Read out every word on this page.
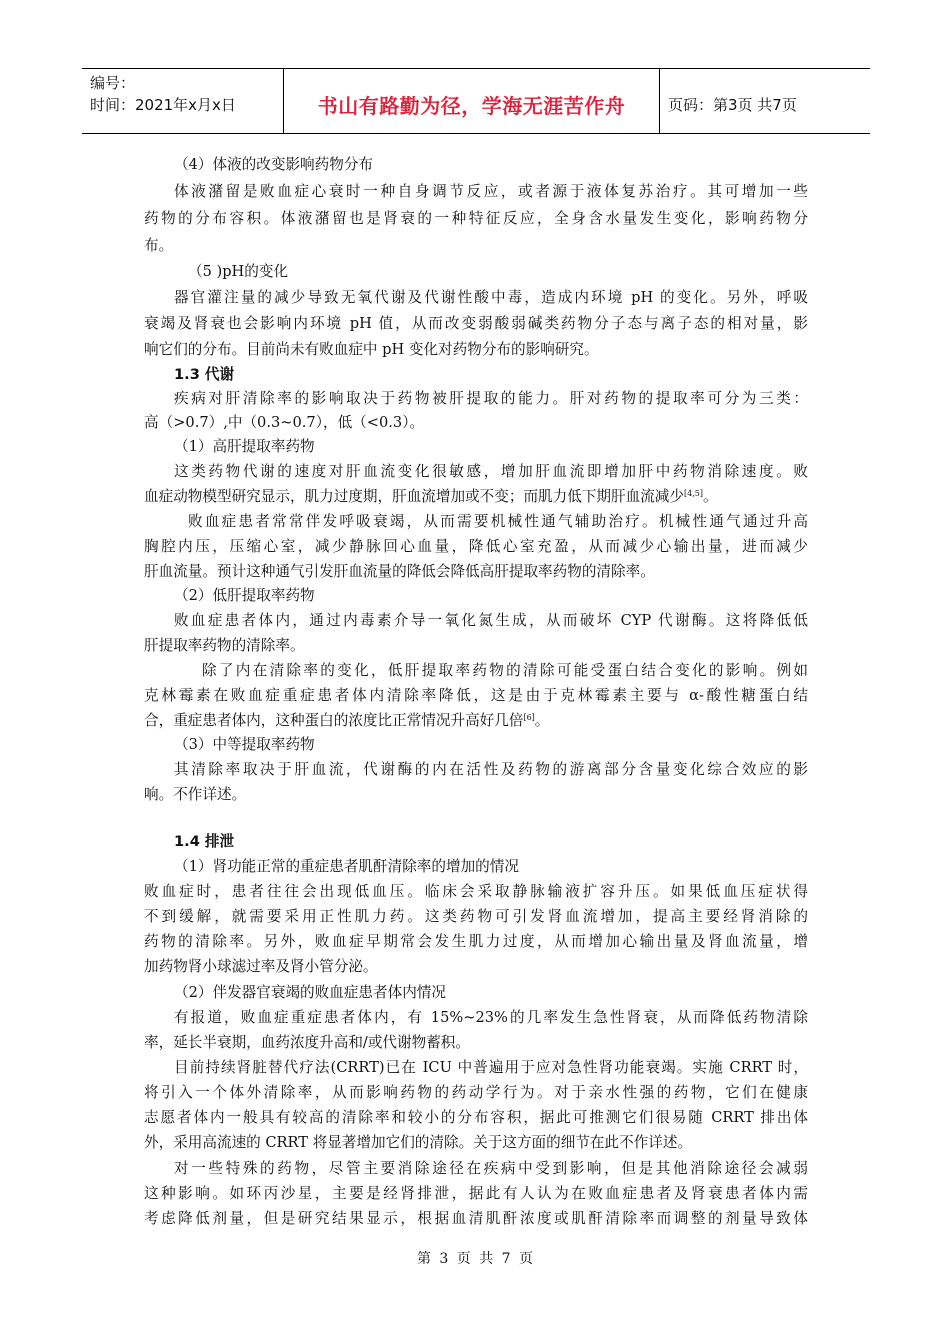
编号：
时间：2021年x月x日	书山有路勤为径，学海无涯苦作舟	页码：第3页 共7页
（4）体液的改变影响药物分布
体液潴留是败血症心衰时一种自身调节反应，或者源于液体复苏治疗。其可增加一些
药物的分布容积。体液潴留也是肾衰的一种特征反应，全身含水量发生变化，影响药物分
布。
（5 )pH的变化
器官灌注量的减少导致无氧代谢及代谢性酸中毒，造成内环境 pH 的变化。另外，呼吸
衰竭及肾衰也会影响内环境 pH 值，从而改变弱酸弱碱类药物分子态与离子态的相对量，影
响它们的分布。目前尚未有败血症中 pH 变化对药物分布的影响研究。
1.3 代谢
疾病对肝清除率的影响取决于药物被肝提取的能力。肝对药物的提取率可分为三类：
高（>0.7）,中（0.3~0.7），低（<0.3）。
（1）高肝提取率药物
这类药物代谢的速度对肝血流变化很敏感，增加肝血流即增加肝中药物消除速度。败
血症动物模型研究显示，肌力过度期，肝血流增加或不变；而肌力低下期肝血流减少[4,5]。
败血症患者常常伴发呼吸衰竭，从而需要机械性通气辅助治疗。机械性通气通过升高
胸腔内压，压缩心室，减少静脉回心血量，降低心室充盈，从而减少心输出量，进而减少
肝血流量。预计这种通气引发肝血流量的降低会降低高肝提取率药物的清除率。
（2）低肝提取率药物
败血症患者体内，通过内毒素介导一氧化氮生成，从而破坏 CYP 代谢酶。这将降低低
肝提取率药物的清除率。
除了内在清除率的变化，低肝提取率药物的清除可能受蛋白结合变化的影响。例如
克林霉素在败血症重症患者体内清除率降低，这是由于克林霉素主要与 α-酸性糖蛋白结
合，重症患者体内，这种蛋白的浓度比正常情况升高好几倍[6]。
（3）中等提取率药物
其清除率取决于肝血流，代谢酶的内在活性及药物的游离部分含量变化综合效应的影
响。不作详述。
1.4 排泄
（1）肾功能正常的重症患者肌酐清除率的增加的情况
败血症时，患者往往会出现低血压。临床会采取静脉输液扩容升压。如果低血压症状得
不到缓解，就需要采用正性肌力药。这类药物可引发肾血流增加，提高主要经肾消除的
药物的清除率。另外，败血症早期常会发生肌力过度，从而增加心输出量及肾血流量，增
加药物肾小球滤过率及肾小管分泌。
（2）伴发器官衰竭的败血症患者体内情况
有报道，败血症重症患者体内，有 15%~23%的几率发生急性肾衰，从而降低药物清除
率，延长半衰期，血药浓度升高和/或代谢物蓄积。
目前持续肾脏替代疗法(CRRT)已在 ICU 中普遍用于应对急性肾功能衰竭。实施 CRRT 时，
将引入一个体外清除率，从而影响药物的药动学行为。对于亲水性强的药物，它们在健康
志愿者体内一般具有较高的清除率和较小的分布容积，据此可推测它们很易随 CRRT 排出体
外，采用高流速的 CRRT 将显著增加它们的清除。关于这方面的细节在此不作详述。
对一些特殊的药物，尽管主要消除途径在疾病中受到影响，但是其他消除途径会减弱
这种影响。如环丙沙星，主要是经肾排泄，据此有人认为在败血症患者及肾衰患者体内需
考虑降低剂量，但是研究结果显示，根据血清肌酐浓度或肌酐清除率而调整的剂量导致体
第 3 页 共 7 页
